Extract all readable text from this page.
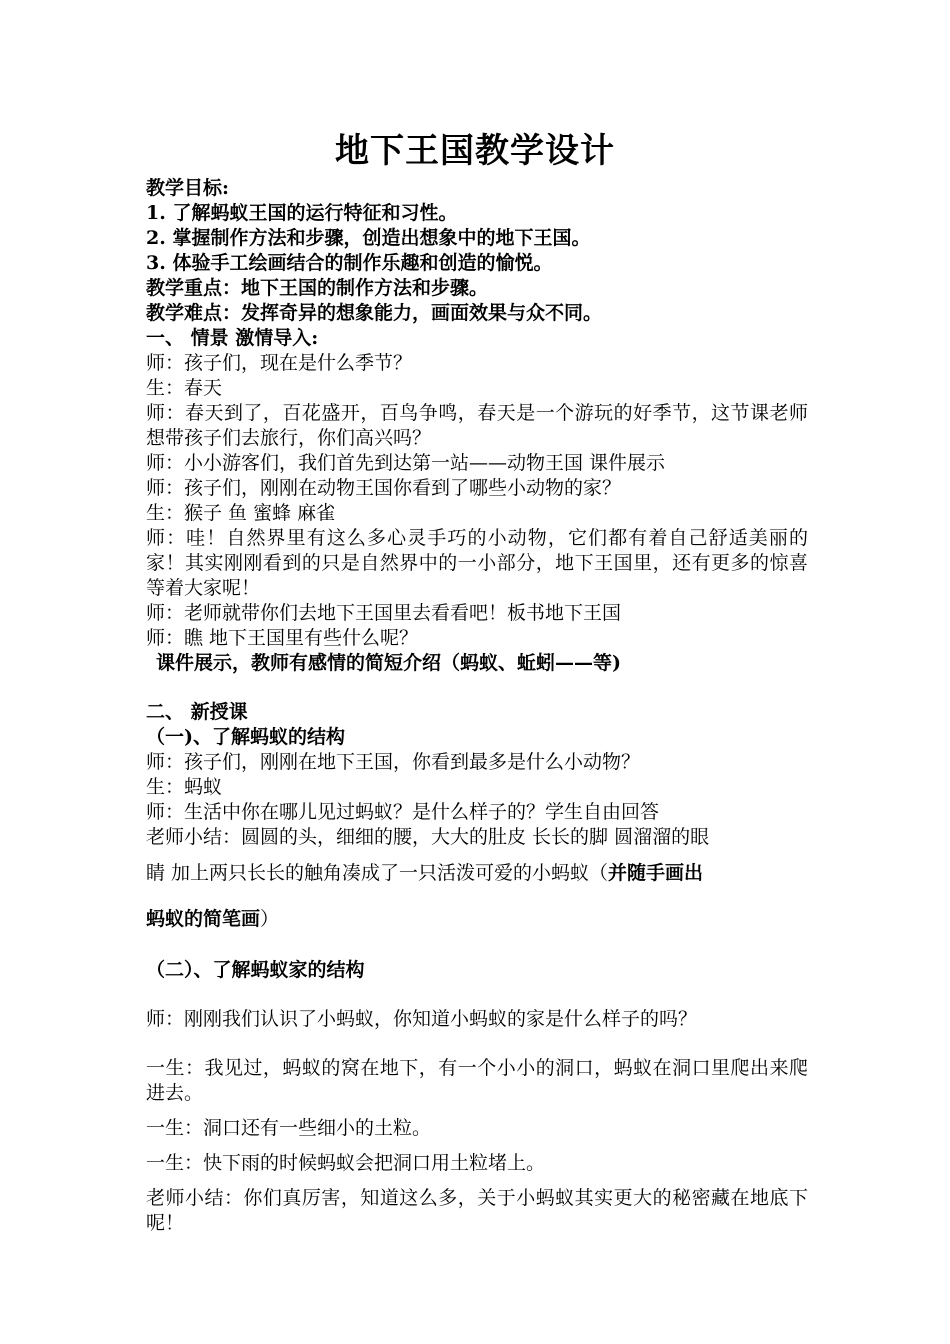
地下王国教学设计
教学目标:
1. 了解蚂蚁王国的运行特征和习性。
2. 掌握制作方法和步骤，创造出想象中的地下王国。
3. 体验手工绘画结合的制作乐趣和创造的愉悦。
教学重点：地下王国的制作方法和步骤。
教学难点：发挥奇异的想象能力，画面效果与众不同。
一、 情景 激情导入:
师：孩子们，现在是什么季节？
生：春天
师：春天到了，百花盛开，百鸟争鸣，春天是一个游玩的好季节，这节课老师想带孩子们去旅行，你们高兴吗？
师：小小游客们，我们首先到达第一站——动物王国 课件展示
师：孩子们，刚刚在动物王国你看到了哪些小动物的家？
生：猴子 鱼 蜜蜂 麻雀
师：哇！自然界里有这么多心灵手巧的小动物，它们都有着自己舒适美丽的家！其实刚刚看到的只是自然界中的一小部分，地下王国里，还有更多的惊喜等着大家呢！
师：老师就带你们去地下王国里去看看吧！板书地下王国
师：瞧 地下王国里有些什么呢？
课件展示，教师有感情的简短介绍（蚂蚁、蚯蚓——等)
二、 新授课
（一)、了解蚂蚁的结构
师：孩子们，刚刚在地下王国，你看到最多是什么小动物？
生：蚂蚁
师：生活中你在哪儿见过蚂蚁？是什么样子的？学生自由回答
老师小结：圆圆的头，细细的腰，大大的肚皮 长长的脚 圆溜溜的眼
睛 加上两只长长的触角凑成了一只活泼可爱的小蚂蚁（并随手画出
蚂蚁的简笔画）
（二）、了解蚂蚁家的结构
师：刚刚我们认识了小蚂蚁，你知道小蚂蚁的家是什么样子的吗？
一生：我见过，蚂蚁的窝在地下，有一个小小的洞口，蚂蚁在洞口里爬出来爬进去。
一生：洞口还有一些细小的土粒。
一生：快下雨的时候蚂蚁会把洞口用土粒堵上。
老师小结：你们真厉害，知道这么多，关于小蚂蚁其实更大的秘密藏在地底下呢！
